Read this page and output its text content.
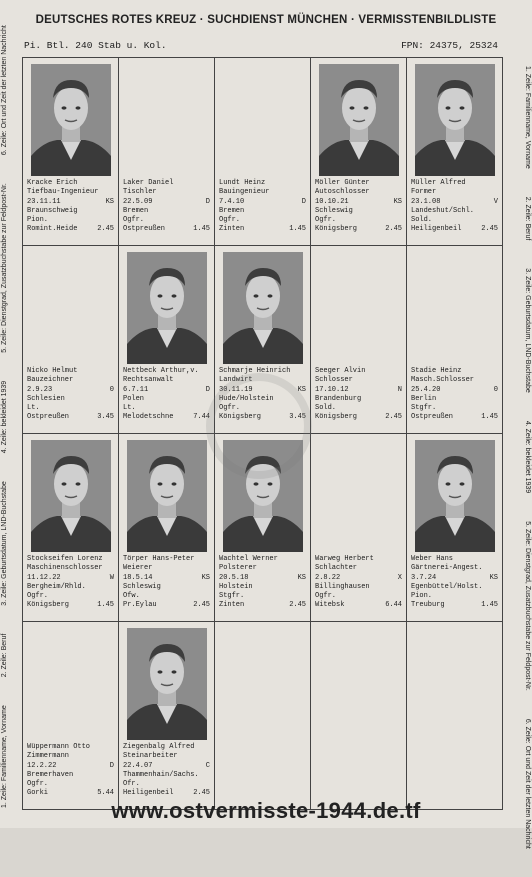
DEUTSCHES ROTES KREUZ · SUCHDIENST MÜNCHEN · VERMISSTENBILDLISTE
Pi. Btl. 240 Stab u. Kol.	FPN: 24375, 25324
Kracke Erich
Tiefbau-Ingenieur
23.11.11	KS
Braunschweig
Pion.
Romint.Heide	2.45
Laker Daniel
Tischler
22.5.09	D
Bremen
Ogfr.
Ostpreußen	1.45
Lundt Heinz
Bauingenieur
7.4.10	D
Bremen
Ogfr.
Zinten	1.45
Möller Günter
Autoschlosser
10.10.21	KS
Schleswig
Ogfr.
Königsberg	2.45
Müller Alfred
Former
23.1.08	V
Landeshut/Schl.
Sold.
Heiligenbeil	2.45
Nicko Helmut
Bauzeichner
2.9.23	0
Schlesien
Lt.
Ostpreußen	3.45
Nettbeck Arthur,v.
Rechtsanwalt
6.7.11	D
Polen
Lt.
Melodetschne	7.44
Schmarje Heinrich
Landwirt
30.11.19	KS
Hude/Holstein
Ogfr.
Königsberg	3.45
Seeger Alvin
Schlosser
17.10.12	N
Brandenburg
Sold.
Königsberg	2.45
Stadie Heinz
Masch.Schlosser
25.4.20	0
Berlin
Stgfr.
Ostpreußen	1.45
Stockseifen Lorenz
Maschinenschlosser
11.12.22	W
Bergheim/Rhld.
Ogfr.
Königsberg	1.45
Törper Hans-Peter
Weierer
18.5.14	KS
Schleswig
Ofw.
Pr.Eylau	2.45
Wachtel Werner
Polsterer
20.5.18	KS
Holstein
Stgfr.
Zinten	2.45
Warweg Herbert
Schlachter
2.8.22	X
Billinghausen
Ogfr.
Witebsk	6.44
Weber Hans
Gärtnerei-Angest.
3.7.24	KS
Egenbüttel/Holst.
Pion.
Treuburg	1.45
Wüppermann Otto
Zimmermann
12.2.22	D
Bremerhaven
Ogfr.
Gorki	5.44
Ziegenbalg Alfred
Steinarbeiter
22.4.07	C
Thammenhain/Sachs.
Ofr.
Heiligenbeil	2.45
1. Zeile: Familienname, Vorname2. Zeile: Beruf3. Zeile: Geburtsdatum, LND-Buchstabe4. Zeile: bekleidet 19395. Zeile: Dienstgrad, Zusatzbuchstabe zur Feldpost-Nr.6. Zeile: Ort und Zeit der letzten Nachricht	1. Zeile: Familienname, Vorname2. Zeile: Beruf3. Zeile: Geburtsdatum, LND-Buchstabe4. Zeile: bekleidet 19395. Zeile: Dienstgrad, Zusatzbuchstabe zur Feldpost-Nr.6. Zeile: Ort und Zeit der letzten Nachricht
www.ostvermisste-1944.de.tf
